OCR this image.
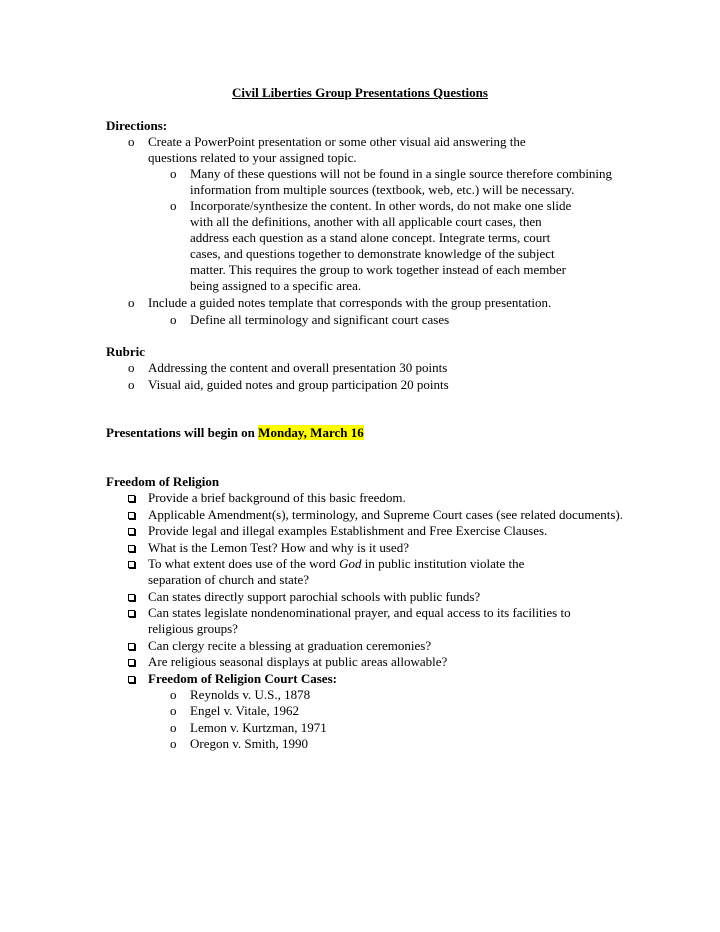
Civil Liberties Group Presentations Questions
Directions:
o Create a PowerPoint presentation or some other visual aid answering the
questions related to your assigned topic.
o Many of these questions will not be found in a single source therefore combining
information from multiple sources (textbook, web, etc.) will be necessary.
o Incorporate/synthesize the content. In other words, do not make one slide
with all the definitions, another with all applicable court cases, then
address each question as a stand alone concept. Integrate terms, court
cases, and questions together to demonstrate knowledge of the subject
matter. This requires the group to work together instead of each member
being assigned to a specific area.
o Include a guided notes template that corresponds with the group presentation.
o Define all terminology and significant court cases
Rubric
o Addressing the content and overall presentation 30 points
o Visual aid, guided notes and group participation 20 points
Presentations will begin on Monday, March 16
Freedom of Religion
Provide a brief background of this basic freedom.
Applicable Amendment(s), terminology, and Supreme Court cases (see related documents).
Provide legal and illegal examples Establishment and Free Exercise Clauses.
What is the Lemon Test? How and why is it used?
To what extent does use of the word God in public institution violate the
separation of church and state?
Can states directly support parochial schools with public funds?
Can states legislate nondenominational prayer, and equal access to its facilities to
religious groups?
Can clergy recite a blessing at graduation ceremonies?
Are religious seasonal displays at public areas allowable?
Freedom of Religion Court Cases:
o Reynolds v. U.S., 1878
o Engel v. Vitale, 1962
o Lemon v. Kurtzman, 1971
o Oregon v. Smith, 1990
